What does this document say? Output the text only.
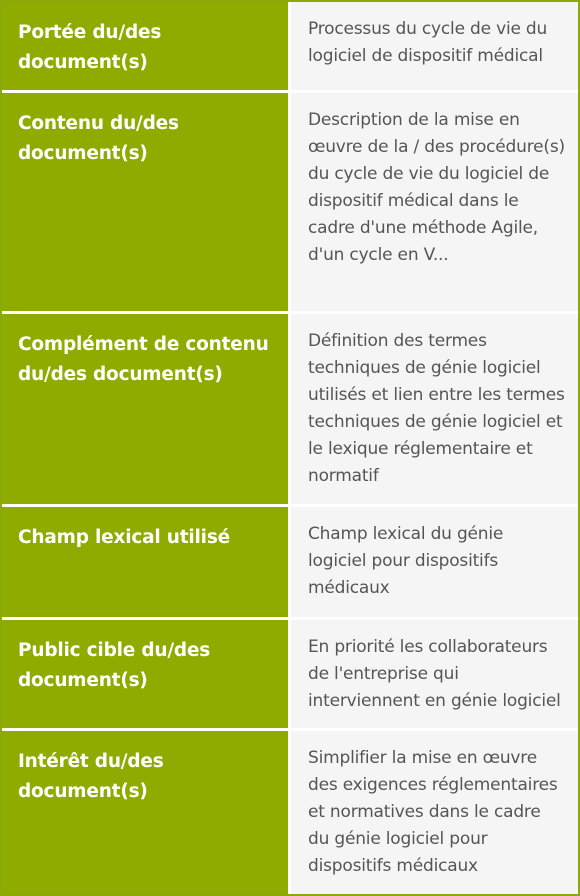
Portée du/des document(s)
Processus du cycle de vie du logiciel de dispositif médical
Contenu du/des document(s)
Description de la mise en œuvre de la / des procédure(s) du cycle de vie du logiciel de dispositif médical dans le cadre d'une méthode Agile, d'un cycle en V...
Complément de contenu du/des document(s)
Définition des termes techniques de génie logiciel utilisés et lien entre les termes techniques de génie logiciel et le lexique réglementaire et normatif
Champ lexical utilisé	Champ lexical du génie logiciel pour dispositifs médicaux
Public cible du/des document(s)
En priorité les collaborateurs de l'entreprise qui interviennent en génie logiciel
Intérêt du/des document(s)
Simplifier la mise en œuvre des exigences réglementaires et normatives dans le cadre du génie logiciel pour dispositifs médicaux
